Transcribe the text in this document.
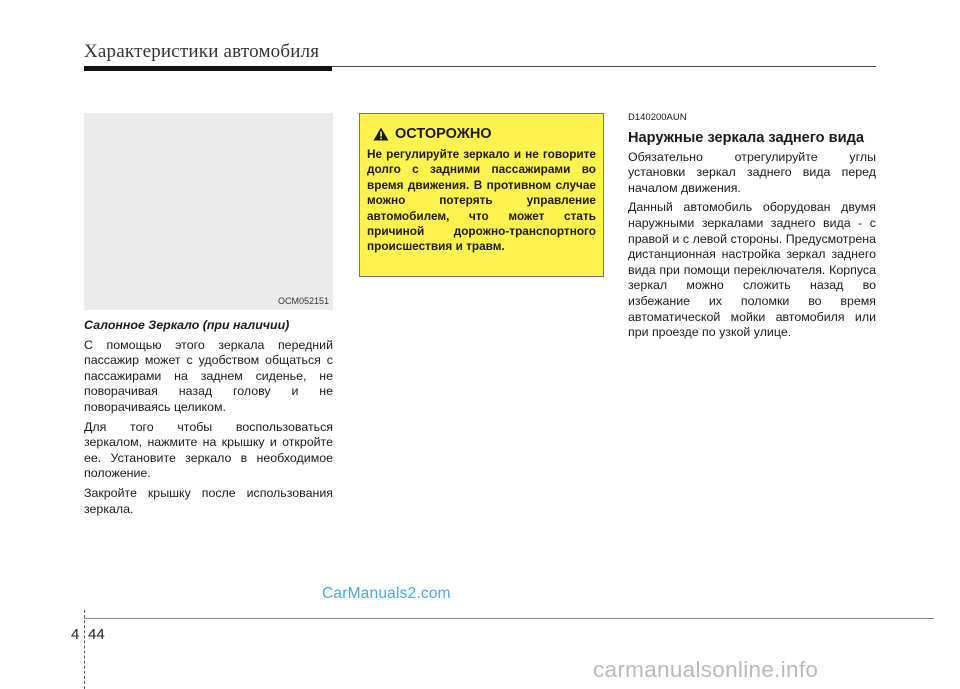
Характеристики автомобиля
OCM052151
Салонное Зеркало (при наличии)

С помощью этого зеркала передний пассажир может с удобством общаться с пассажирами на заднем сиденье, не поворачивая назад голову и не поворачиваясь целиком.

Для того чтобы воспользоваться зеркалом, нажмите на крышку и откройте ее. Установите зеркало в необходимое положение.

Закройте крышку после использования зеркала.

ОСТОРОЖНО
Не регулируйте зеркало и не говорите долго с задними пассажирами во время движения. В противном случае можно потерять управление автомобилем, что может стать причиной дорожно-транспортного происшествия и травм.
D140200AUN
Наружные зеркала заднего вида

Обязательно отрегулируйте углы установки зеркал заднего вида перед началом движения.

Данный автомобиль оборудован двумя наружными зеркалами заднего вида - с правой и с левой стороны. Предусмотрена дистанционная настройка зеркал заднего вида при помощи переключателя. Корпуса зеркал можно сложить назад во избежание их поломки во время автоматической мойки автомобиля или при проезде по узкой улице.

CarManuals2.com
4 44
carmanualsonline.info
